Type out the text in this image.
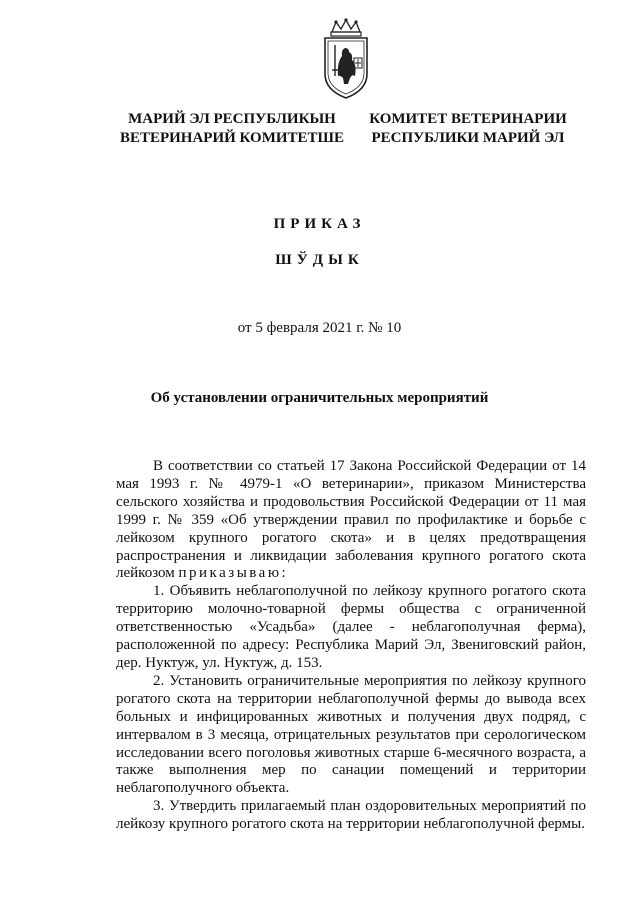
МАРИЙ ЭЛ РЕСПУБЛИКЫН
ВЕТЕРИНАРИЙ КОМИТЕТШЕ
КОМИТЕТ ВЕТЕРИНАРИИ
РЕСПУБЛИКИ МАРИЙ ЭЛ
ПРИКАЗ
ШЎДЫК
от 5 февраля 2021 г. № 10
Об установлении ограничительных мероприятий

В соответствии со статьей 17 Закона Российской Федерации от 14 мая 1993 г. № 4979-1 «О ветеринарии», приказом Министерства сельского хозяйства и продовольствия Российской Федерации от 11 мая 1999 г. № 359 «Об утверждении правил по профилактике и борьбе с лейкозом крупного рогатого скота» и в целях предотвращения распространения и ликвидации заболевания крупного рогатого скота лейкозом приказываю:

1. Объявить неблагополучной по лейкозу крупного рогатого скота территорию молочно-товарной фермы общества с ограниченной ответственностью «Усадьба» (далее - неблагополучная ферма), расположенной по адресу: Республика Марий Эл, Звениговский район, дер. Нуктуж, ул. Нуктуж, д. 153.

2. Установить ограничительные мероприятия по лейкозу крупного рогатого скота на территории неблагополучной фермы до вывода всех больных и инфицированных животных и получения двух подряд, с интервалом в 3 месяца, отрицательных результатов при серологическом исследовании всего поголовья животных старше 6-месячного возраста, а также выполнения мер по санации помещений и территории неблагополучного объекта.

3. Утвердить прилагаемый план оздоровительных мероприятий по лейкозу крупного рогатого скота на территории неблагополучной фермы.
